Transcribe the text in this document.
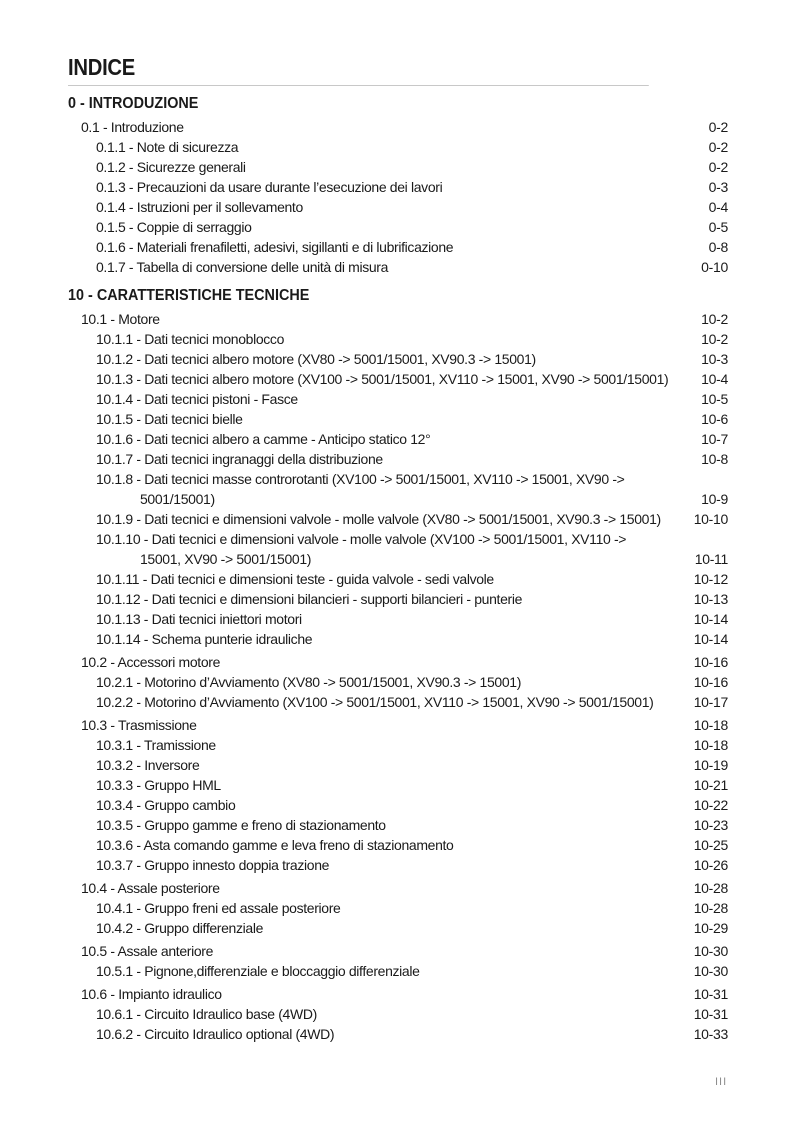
INDICE
0 - INTRODUZIONE
0.1 - Introduzione	0-2
0.1.1 - Note di sicurezza	0-2
0.1.2 - Sicurezze generali	0-2
0.1.3 - Precauzioni da usare durante l’esecuzione dei lavori	0-3
0.1.4 - Istruzioni per il sollevamento	0-4
0.1.5 - Coppie di serraggio	0-5
0.1.6 - Materiali frenafiletti, adesivi, sigillanti e di lubrificazione	0-8
0.1.7 - Tabella di conversione delle unità di misura	0-10
10 - CARATTERISTICHE TECNICHE
10.1 - Motore	10-2
10.1.1 - Dati tecnici monoblocco	10-2
10.1.2 - Dati tecnici albero motore (XV80 -> 5001/15001, XV90.3 -> 15001)	10-3
10.1.3 - Dati tecnici albero motore (XV100 -> 5001/15001, XV110 -> 15001, XV90 -> 5001/15001)	10-4
10.1.4 - Dati tecnici pistoni - Fasce	10-5
10.1.5 - Dati tecnici bielle	10-6
10.1.6 - Dati tecnici albero a camme - Anticipo statico 12°	10-7
10.1.7 - Dati tecnici ingranaggi della distribuzione	10-8
10.1.8 - Dati tecnici masse controrotanti (XV100 -> 5001/15001, XV110 -> 15001, XV90 -> 5001/15001)	10-9
10.1.9 - Dati tecnici e dimensioni valvole - molle valvole (XV80 -> 5001/15001, XV90.3 -> 15001)	10-10
10.1.10 - Dati tecnici e dimensioni valvole - molle valvole (XV100 -> 5001/15001, XV110 -> 15001, XV90 -> 5001/15001)	10-11
10.1.11 - Dati tecnici e dimensioni teste - guida valvole - sedi valvole	10-12
10.1.12 - Dati tecnici e dimensioni bilancieri - supporti bilancieri - punterie	10-13
10.1.13 - Dati tecnici iniettori motori	10-14
10.1.14 - Schema punterie idrauliche	10-14
10.2 - Accessori motore	10-16
10.2.1 - Motorino d’Avviamento (XV80 -> 5001/15001, XV90.3 -> 15001)	10-16
10.2.2 - Motorino d’Avviamento (XV100 -> 5001/15001, XV110 -> 15001, XV90 -> 5001/15001)	10-17
10.3 - Trasmissione	10-18
10.3.1 - Tramissione	10-18
10.3.2 - Inversore	10-19
10.3.3 - Gruppo HML	10-21
10.3.4 - Gruppo cambio	10-22
10.3.5 - Gruppo gamme e freno di stazionamento	10-23
10.3.6 - Asta comando gamme e leva freno di stazionamento	10-25
10.3.7 - Gruppo innesto doppia trazione	10-26
10.4 - Assale posteriore	10-28
10.4.1 - Gruppo freni ed assale posteriore	10-28
10.4.2 - Gruppo differenziale	10-29
10.5 - Assale anteriore	10-30
10.5.1 - Pignone,differenziale e bloccaggio differenziale	10-30
10.6 - Impianto idraulico	10-31
10.6.1 - Circuito Idraulico base (4WD)	10-31
10.6.2 - Circuito Idraulico optional (4WD)	10-33
III
